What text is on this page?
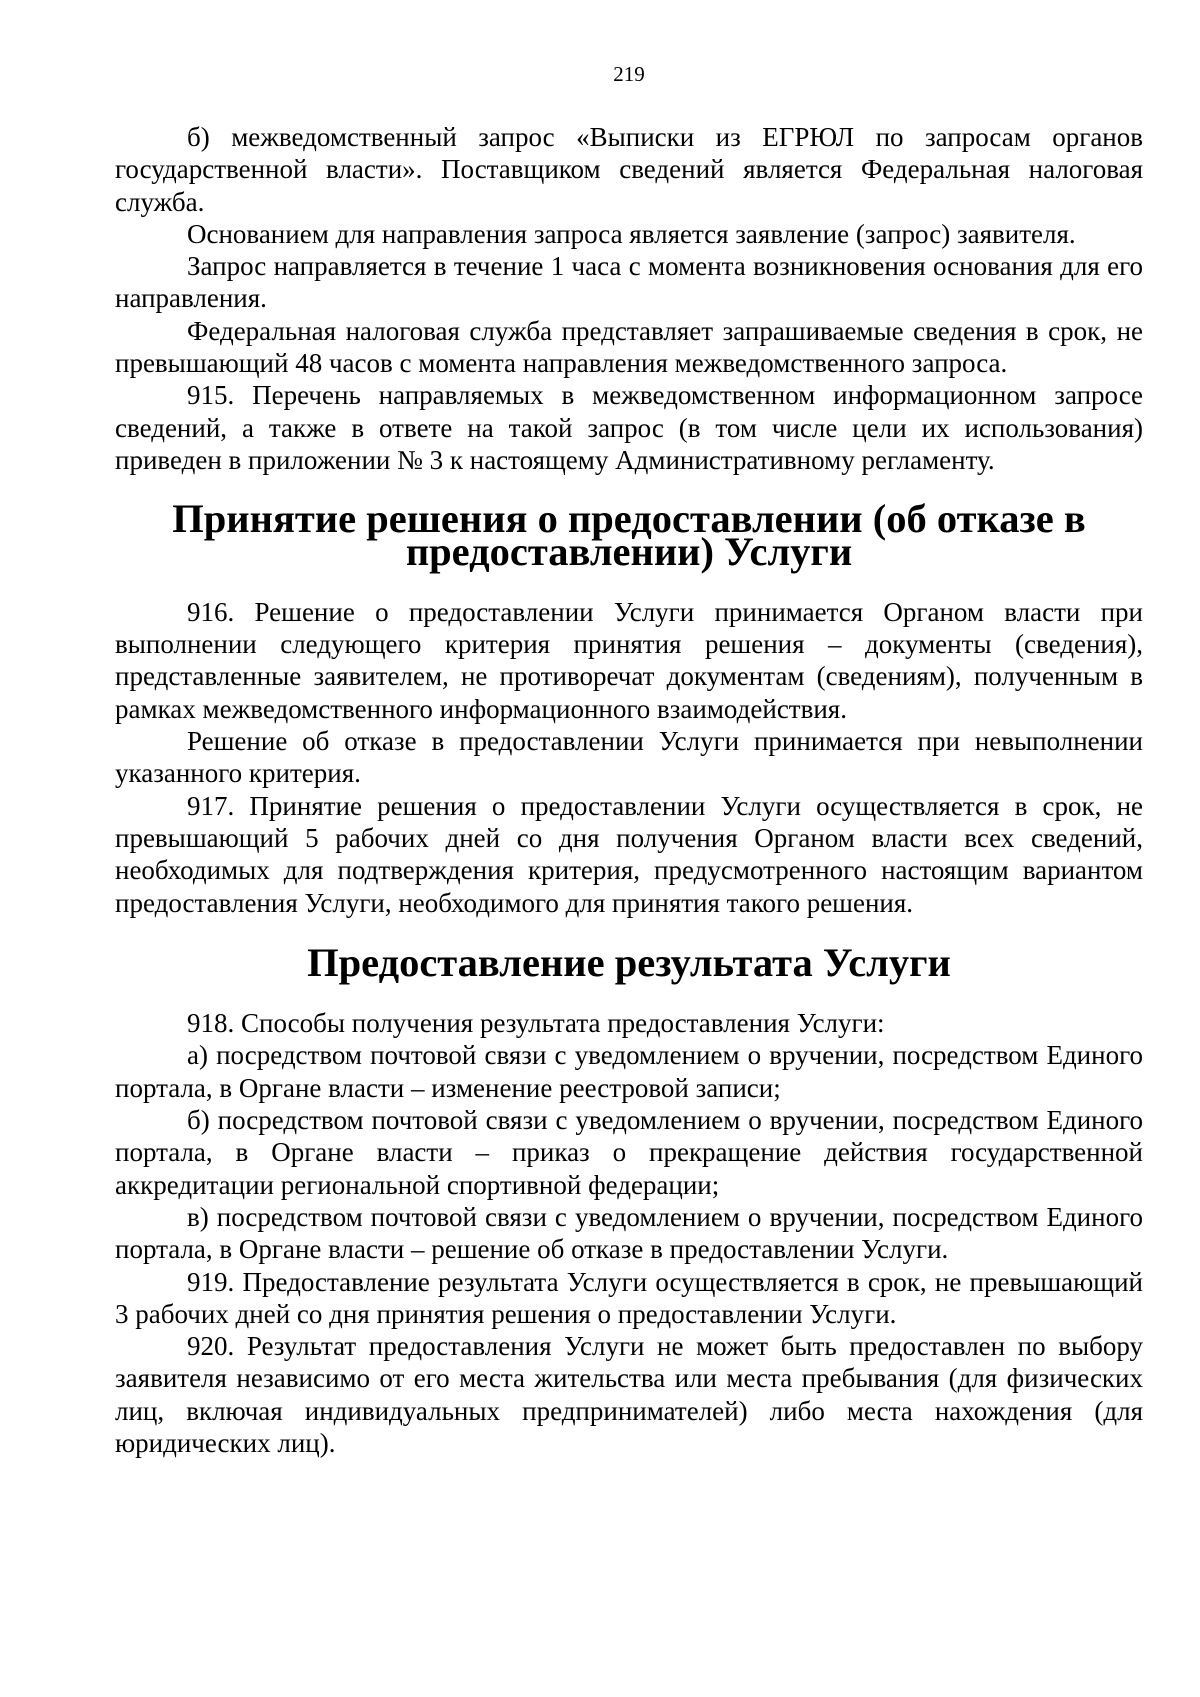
219

б) межведомственный запрос «Выписки из ЕГРЮЛ по запросам органов государственной власти». Поставщиком сведений является Федеральная налоговая служба.

Основанием для направления запроса является заявление (запрос) заявителя.

Запрос направляется в течение 1 часа с момента возникновения основания для его направления.

Федеральная налоговая служба представляет запрашиваемые сведения в срок, не превышающий 48 часов с момента направления межведомственного запроса.

915. Перечень направляемых в межведомственном информационном запросе сведений, а также в ответе на такой запрос (в том числе цели их использования) приведен в приложении № 3 к настоящему Административному регламенту.

Принятие решения о предоставлении (об отказе в предоставлении) Услуги

916. Решение о предоставлении Услуги принимается Органом власти при выполнении следующего критерия принятия решения – документы (сведения), представленные заявителем, не противоречат документам (сведениям), полученным в рамках межведомственного информационного взаимодействия.

Решение об отказе в предоставлении Услуги принимается при невыполнении указанного критерия.

917. Принятие решения о предоставлении Услуги осуществляется в срок, не превышающий 5 рабочих дней со дня получения Органом власти всех сведений, необходимых для подтверждения критерия, предусмотренного настоящим вариантом предоставления Услуги, необходимого для принятия такого решения.

Предоставление результата Услуги

918. Способы получения результата предоставления Услуги:

а) посредством почтовой связи с уведомлением о вручении, посредством Единого портала, в Органе власти – изменение реестровой записи;

б) посредством почтовой связи с уведомлением о вручении, посредством Единого портала, в Органе власти – приказ о прекращение действия государственной аккредитации региональной спортивной федерации;

в) посредством почтовой связи с уведомлением о вручении, посредством Единого портала, в Органе власти – решение об отказе в предоставлении Услуги.

919. Предоставление результата Услуги осуществляется в срок, не превышающий 3 рабочих дней со дня принятия решения о предоставлении Услуги.

920. Результат предоставления Услуги не может быть предоставлен по выбору заявителя независимо от его места жительства или места пребывания (для физических лиц, включая индивидуальных предпринимателей) либо места нахождения (для юридических лиц).
